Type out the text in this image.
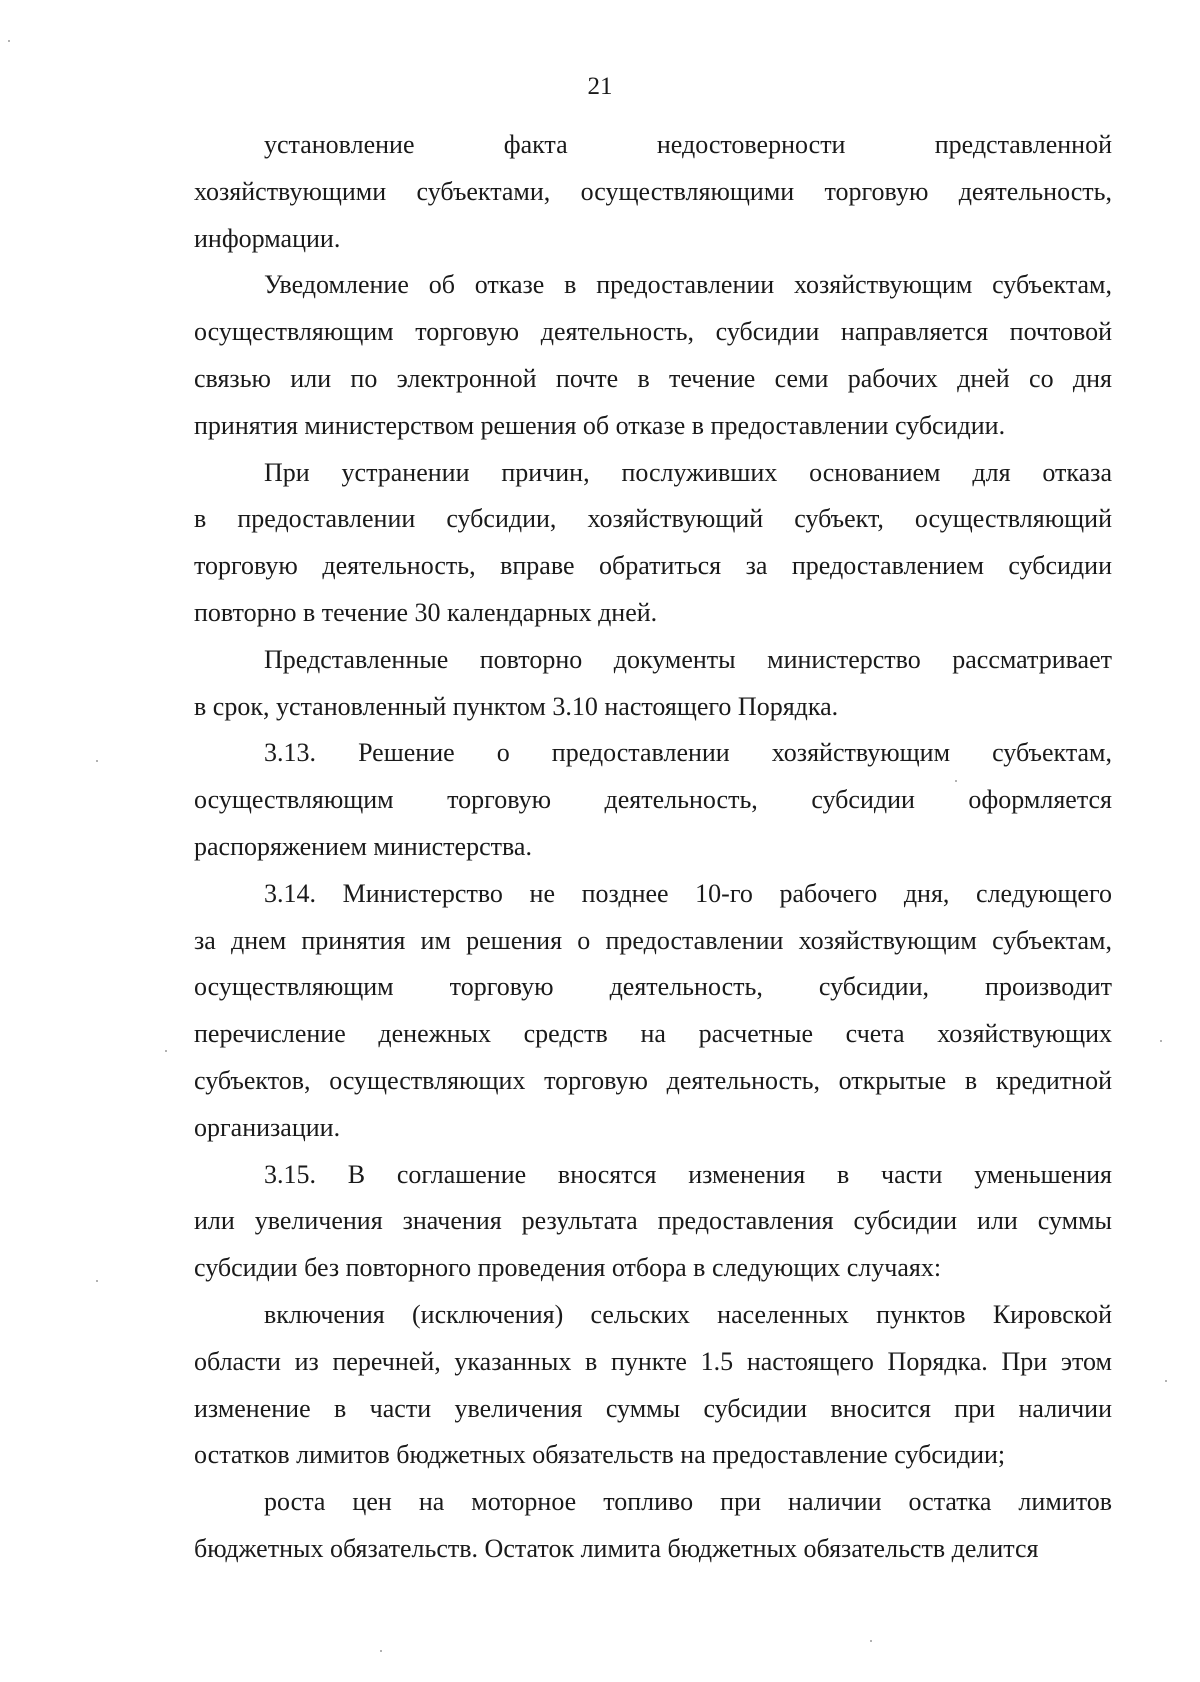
21
установление факта недостоверности представленной
хозяйствующими субъектами, осуществляющими торговую деятельность,
информации.
Уведомление об отказе в предоставлении хозяйствующим субъектам,
осуществляющим торговую деятельность, субсидии направляется почтовой
связью или по электронной почте в течение семи рабочих дней со дня
принятия министерством решения об отказе в предоставлении субсидии.
При устранении причин, послуживших основанием для отказа
в предоставлении субсидии, хозяйствующий субъект, осуществляющий
торговую деятельность, вправе обратиться за предоставлением субсидии
повторно в течение 30 календарных дней.
Представленные повторно документы министерство рассматривает
в срок, установленный пунктом 3.10 настоящего Порядка.
3.13. Решение о предоставлении хозяйствующим субъектам,
осуществляющим торговую деятельность, субсидии оформляется
распоряжением министерства.
3.14. Министерство не позднее 10-го рабочего дня, следующего
за днем принятия им решения о предоставлении хозяйствующим субъектам,
осуществляющим торговую деятельность, субсидии, производит
перечисление денежных средств на расчетные счета хозяйствующих
субъектов, осуществляющих торговую деятельность, открытые в кредитной
организации.
3.15. В соглашение вносятся изменения в части уменьшения
или увеличения значения результата предоставления субсидии или суммы
субсидии без повторного проведения отбора в следующих случаях:
включения (исключения) сельских населенных пунктов Кировской
области из перечней, указанных в пункте 1.5 настоящего Порядка. При этом
изменение в части увеличения суммы субсидии вносится при наличии
остатков лимитов бюджетных обязательств на предоставление субсидии;
роста цен на моторное топливо при наличии остатка лимитов
бюджетных обязательств. Остаток лимита бюджетных обязательств делится
